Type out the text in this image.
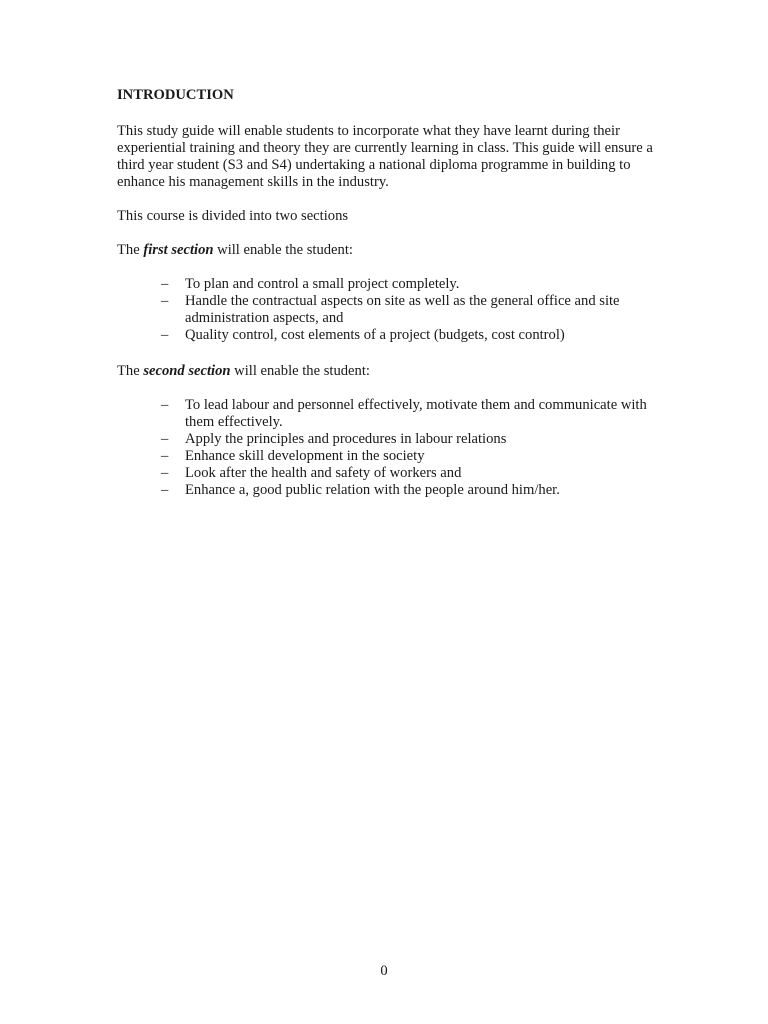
INTRODUCTION

This study guide will enable students to incorporate what they have learnt during their experiential training and theory they are currently learning in class. This guide will ensure a third year student (S3 and S4) undertaking a national diploma programme in building to enhance his management skills in the industry.

This course is divided into two sections

The first section will enable the student:

– To plan and control a small project completely.
– Handle the contractual aspects on site as well as the general office and site administration aspects, and
– Quality control, cost elements of a project (budgets, cost control)

The second section will enable the student:

– To lead labour and personnel effectively, motivate them and communicate with them effectively.
– Apply the principles and procedures in labour relations
– Enhance skill development in the society
– Look after the health and safety of workers and
– Enhance a, good public relation with the people around him/her.
0
